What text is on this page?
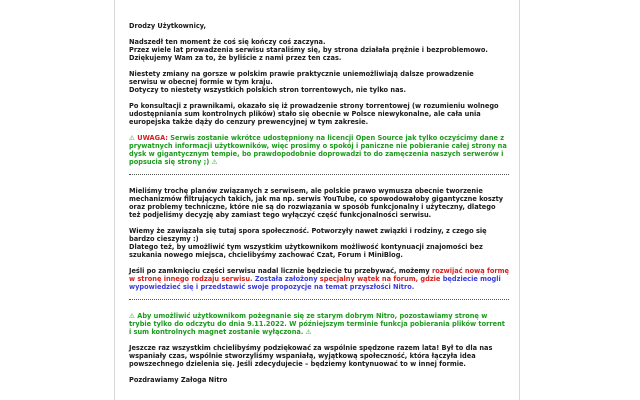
Drodzy Użytkownicy,

Nadszedł ten moment że coś się kończy coś zaczyna.
Przez wiele lat prowadzenia serwisu staraliśmy się, by strona działała prężnie i bezproblemowo.
Dziękujemy Wam za to, że byliście z nami przez ten czas.

Niestety zmiany na gorsze w polskim prawie praktycznie uniemożliwiają dalsze prowadzenie
serwisu w obecnej formie w tym kraju.
Dotyczy to niestety wszystkich polskich stron torrentowych, nie tylko nas.

Po konsultacji z prawnikami, okazało się iż prowadzenie strony torrentowej (w rozumieniu wolnego udostępniania sum kontrolnych plików) stało się obecnie w Polsce niewykonalne, ale cała unia europejska także dąży do cenzury prewencyjnej w tym zakresie.

⚠ UWAGA: Serwis zostanie wkrótce udostępniony na licencji Open Source jak tylko oczyścimy dane z prywatnych informacji użytkowników, więc prosimy o spokój i paniczne nie pobieranie całej strony na dysk w gigantycznym tempie, bo prawdopodobnie doprowadzi to do zamęczenia naszych serwerów i popsucia się strony ;) ⚠

Mieliśmy trochę planów związanych z serwisem, ale polskie prawo wymusza obecnie tworzenie mechanizmów filtrujących takich, jak ma np. serwis YouTube, co spowodowałoby gigantyczne koszty oraz problemy techniczne, które nie są do rozwiązania w sposób funkcjonalny i użyteczny, dlatego też podjeliśmy decyzję aby zamiast tego wyłączyć część funkcjonalności serwisu.

Wiemy że zawiązała się tutaj spora społeczność. Potworzyły nawet związki i rodziny, z czego się bardzo cieszymy :)
Dlatego też, by umożliwić tym wszystkim użytkownikom możliwość kontynuacji znajomości bez szukania nowego miejsca, chcielibyśmy zachować Czat, Forum i MiniBlog.

Jeśli po zamknięciu części serwisu nadal licznie będziecie tu przebywać, możemy rozwijać nową formę w stronę innego rodzaju serwisu. Została założony specjalny wątek na forum, gdzie będziecie mogli wypowiedzieć się i przedstawić swoje propozycje na temat przyszłości Nitro.

⚠ Aby umożliwić użytkownikom pożegnanie się ze starym dobrym Nitro, pozostawiamy stronę w trybie tylko do odczytu do dnia 9.11.2022. W późniejszym terminie funkcja pobierania plików torrent i sum kontrolnych magnet zostanie wyłączona. ⚠

Jeszcze raz wszystkim chcielibyśmy podziękować za wspólnie spędzone razem lata! Był to dla nas wspaniały czas, wspólnie stworzyliśmy wspaniałą, wyjątkową społeczność, która łączyła idea powszechnego dzielenia się. Jeśli zdecydujecie – będziemy kontynuować to w innej formie.

Pozdrawiamy Załoga Nitro
